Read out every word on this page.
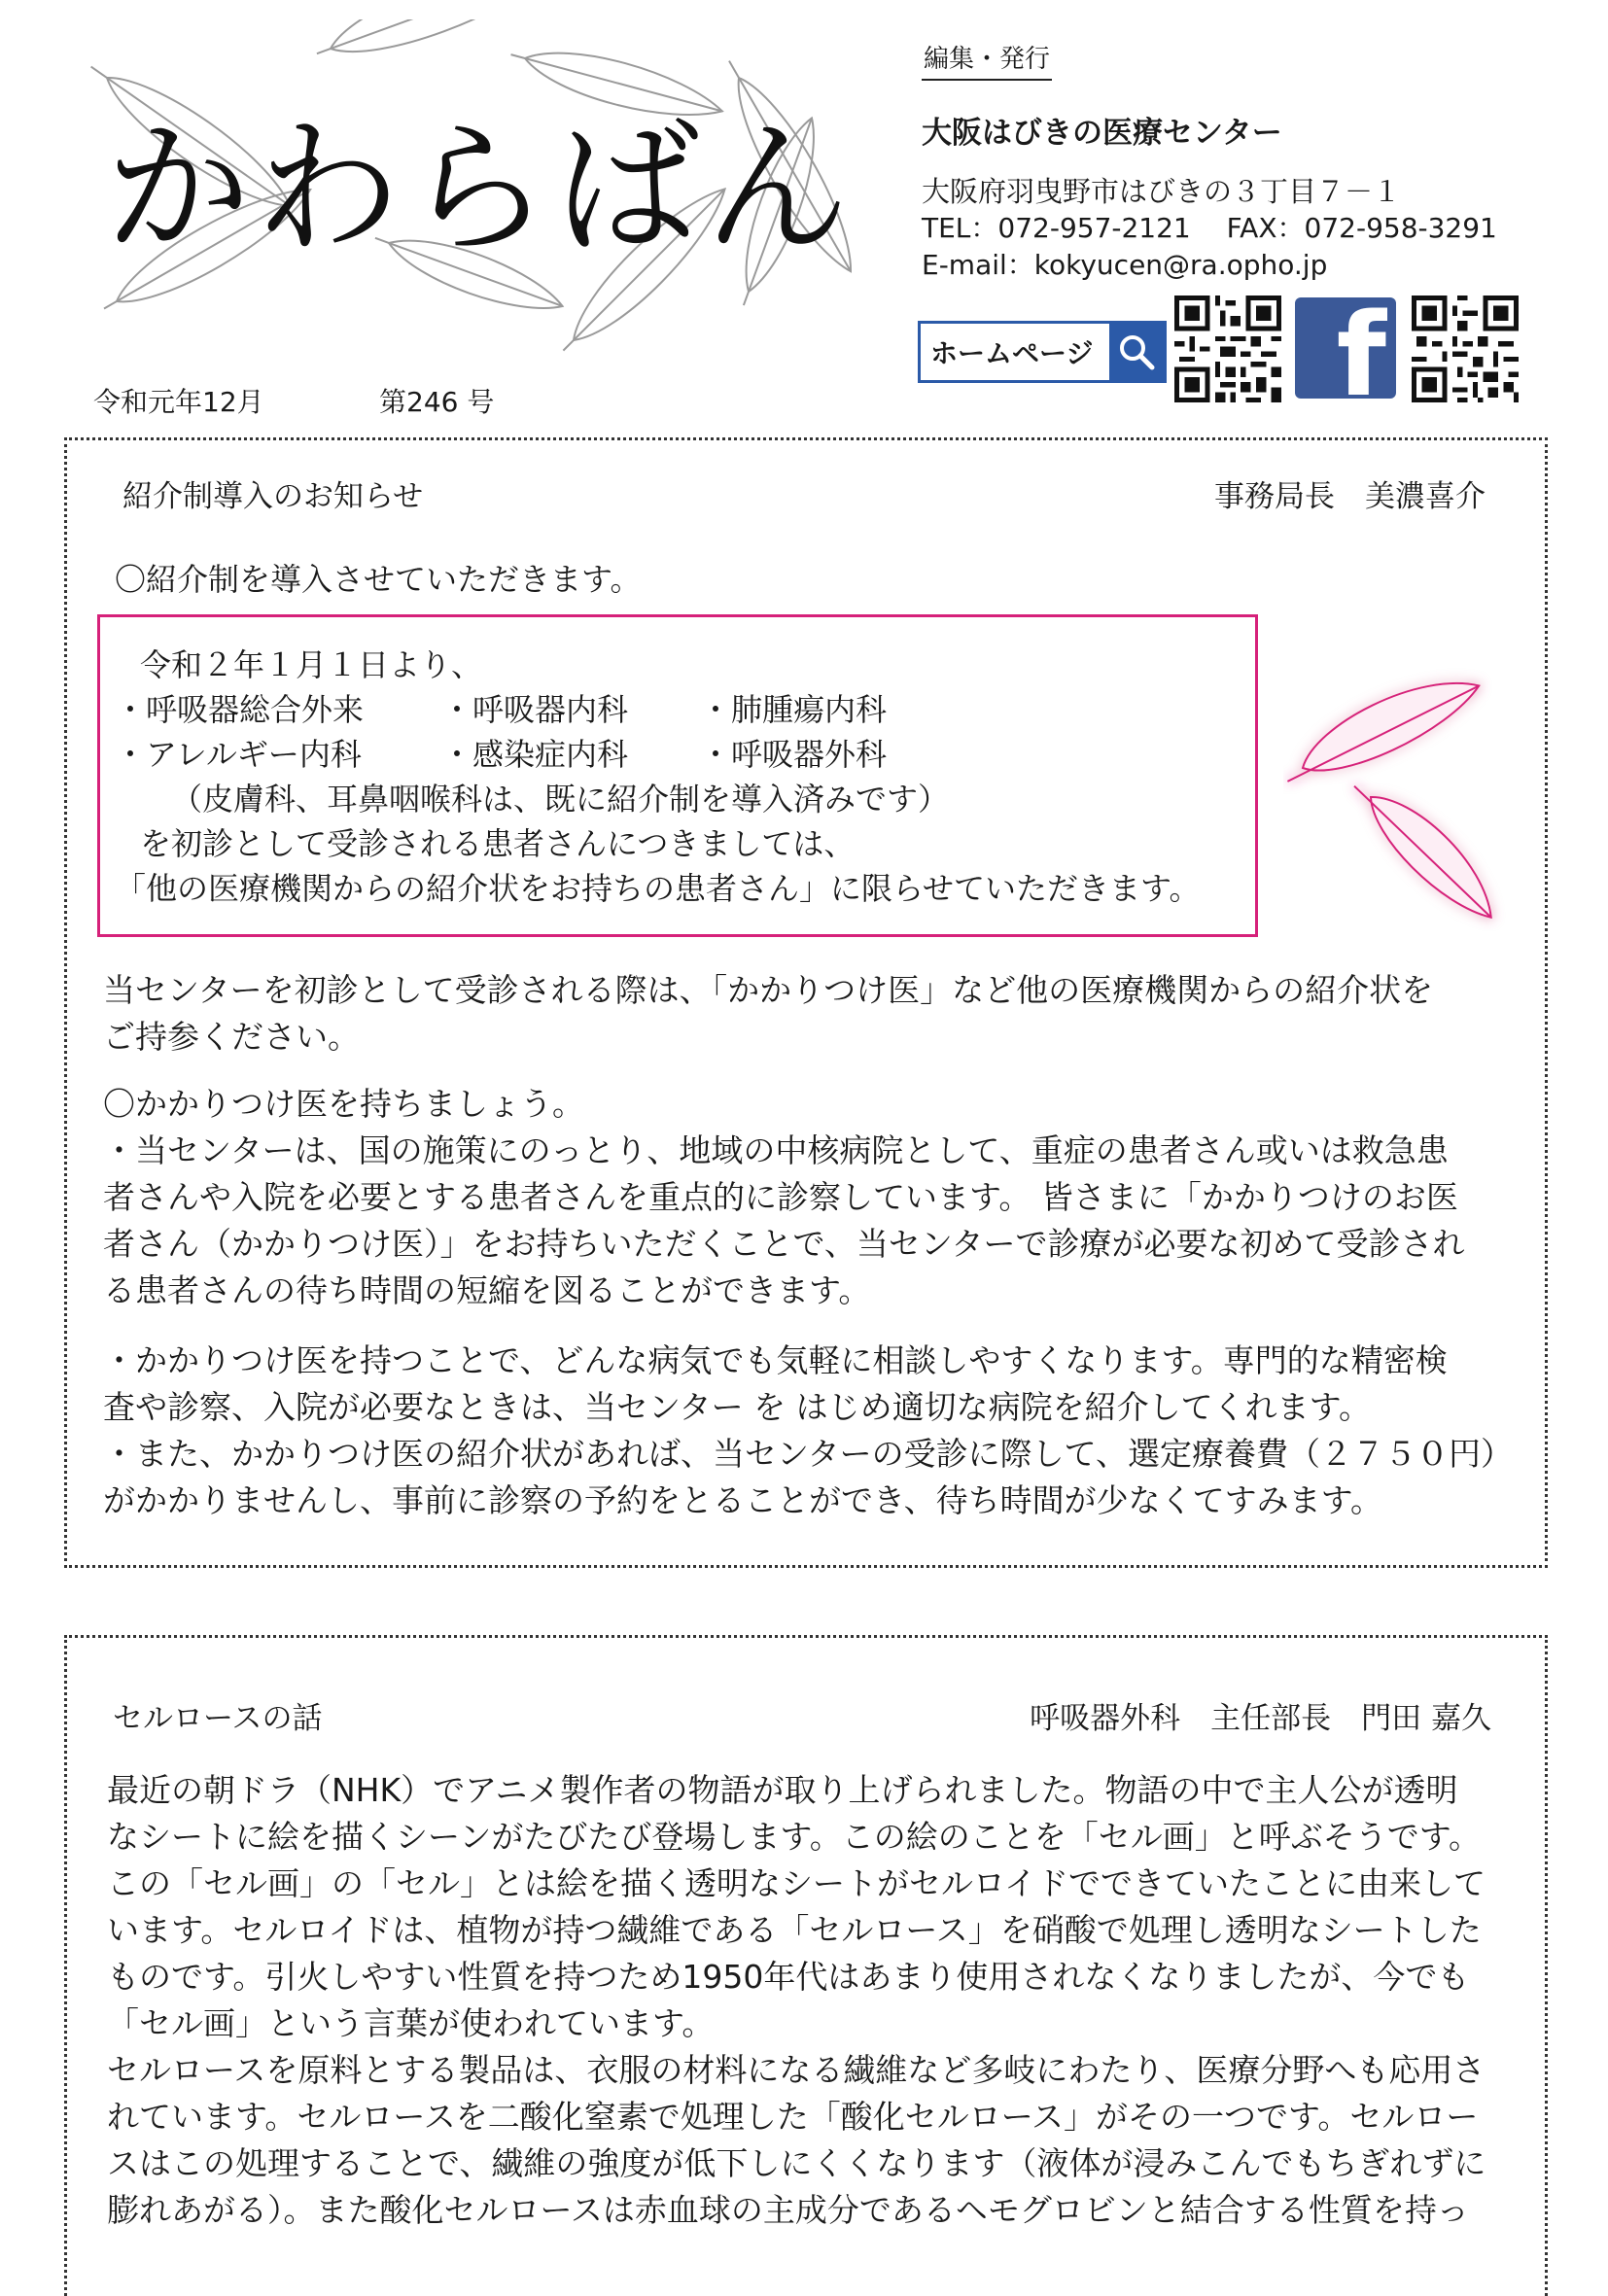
かわらばん
令和元年12月	第246 号
編集・発行
大阪はびきの医療センター
大阪府羽曳野市はびきの３丁目７－１
TEL：072-957-2121　 FAX：072-958-3291
E-mail：kokyucen@ra.opho.jp
ホームページ f
紹介制導入のお知らせ	事務局長　美濃喜介
〇紹介制を導入させていただきます。
令和２年１月１日より、
・呼吸器総合外来 ・呼吸器内科 ・肺腫瘍内科
・アレルギー内科	・感染症内科 ・呼吸器外科
（皮膚科、耳鼻咽喉科は、既に紹介制を導入済みです）
を初診として受診される患者さんにつきましては、
「他の医療機関からの紹介状をお持ちの患者さん」に限らせていただきます。

当センターを初診として受診される際は、「かかりつけ医」など他の医療機関からの紹介状を

ご持参ください。

〇かかりつけ医を持ちましょう。

・当センターは、国の施策にのっとり、地域の中核病院として、重症の患者さん或いは救急患

者さんや入院を必要とする患者さんを重点的に診察しています。 皆さまに「かかりつけのお医

者さん（かかりつけ医）」をお持ちいただくことで、当センターで診療が必要な初めて受診され

る患者さんの待ち時間の短縮を図ることができます。

・かかりつけ医を持つことで、どんな病気でも気軽に相談しやすくなります。専門的な精密検

査や診察、入院が必要なときは、当センター を はじめ適切な病院を紹介してくれます。

・また、かかりつけ医の紹介状があれば、当センターの受診に際して、選定療養費（２７５０円）

がかかりませんし、事前に診察の予約をとることができ、待ち時間が少なくてすみます。

セルロースの話	呼吸器外科　主任部長　門田 嘉久

最近の朝ドラ（NHK）でアニメ製作者の物語が取り上げられました。物語の中で主人公が透明

なシートに絵を描くシーンがたびたび登場します。この絵のことを「セル画」と呼ぶそうです。

この「セル画」の「セル」とは絵を描く透明なシートがセルロイドでできていたことに由来して

います。セルロイドは、植物が持つ繊維である「セルロース」を硝酸で処理し透明なシートした

ものです。引火しやすい性質を持つため1950年代はあまり使用されなくなりましたが、今でも

「セル画」という言葉が使われています。

セルロースを原料とする製品は、衣服の材料になる繊維など多岐にわたり、医療分野へも応用さ

れています。セルロースを二酸化窒素で処理した「酸化セルロース」がその一つです。セルロー

スはこの処理することで、繊維の強度が低下しにくくなります（液体が浸みこんでもちぎれずに

膨れあがる）。また酸化セルロースは赤血球の主成分であるヘモグロビンと結合する性質を持っ
